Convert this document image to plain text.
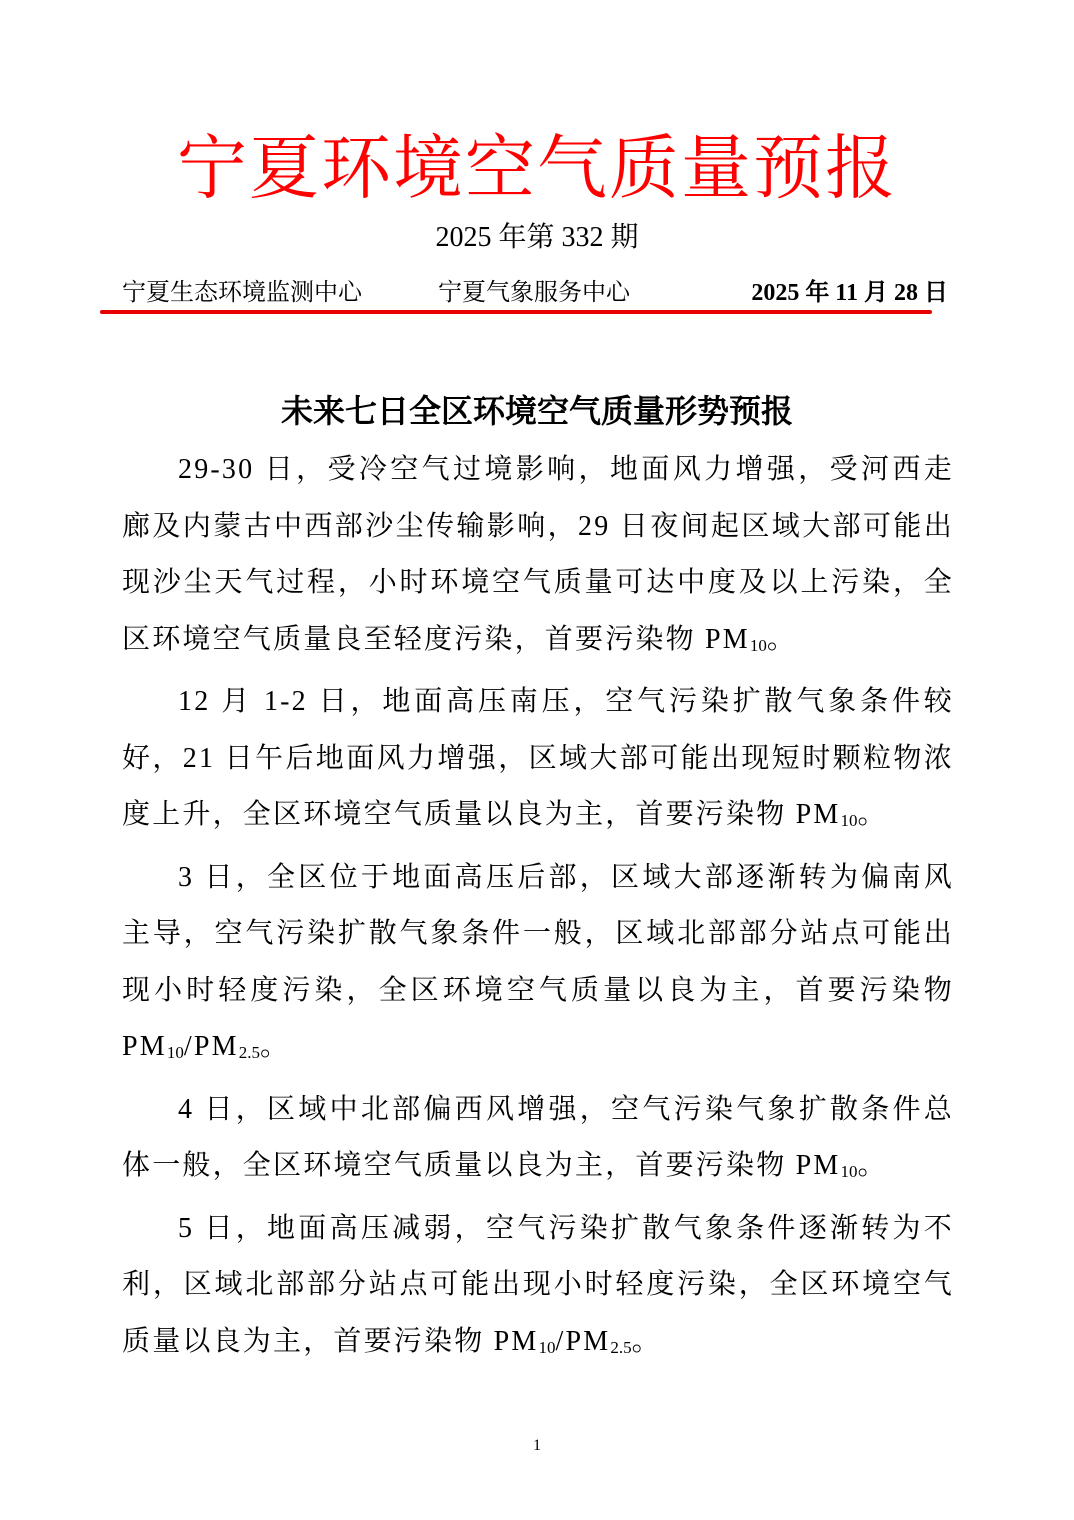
宁夏环境空气质量预报
2025 年第 332 期
宁夏生态环境监测中心	宁夏气象服务中心	2025 年 11 月 28 日
未来七日全区环境空气质量形势预报

29-30 日，受冷空气过境影响，地面风力增强，受河西走廊及内蒙古中西部沙尘传输影响，29 日夜间起区域大部可能出现沙尘天气过程，小时环境空气质量可达中度及以上污染，全区环境空气质量良至轻度污染，首要污染物 $PM_{10}$。

12 月 1-2 日，地面高压南压，空气污染扩散气象条件较好，21 日午后地面风力增强，区域大部可能出现短时颗粒物浓度上升，全区环境空气质量以良为主，首要污染物 $PM_{10}$。

3 日，全区位于地面高压后部，区域大部逐渐转为偏南风主导，空气污染扩散气象条件一般，区域北部部分站点可能出现小时轻度污染，全区环境空气质量以良为主，首要污染物 $PM_{10}/PM_{2.5}$。

4 日，区域中北部偏西风增强，空气污染气象扩散条件总体一般，全区环境空气质量以良为主，首要污染物 $PM_{10}$。

5 日，地面高压减弱，空气污染扩散气象条件逐渐转为不利，区域北部部分站点可能出现小时轻度污染，全区环境空气质量以良为主，首要污染物 $PM_{10}/PM_{2.5}$。

1
